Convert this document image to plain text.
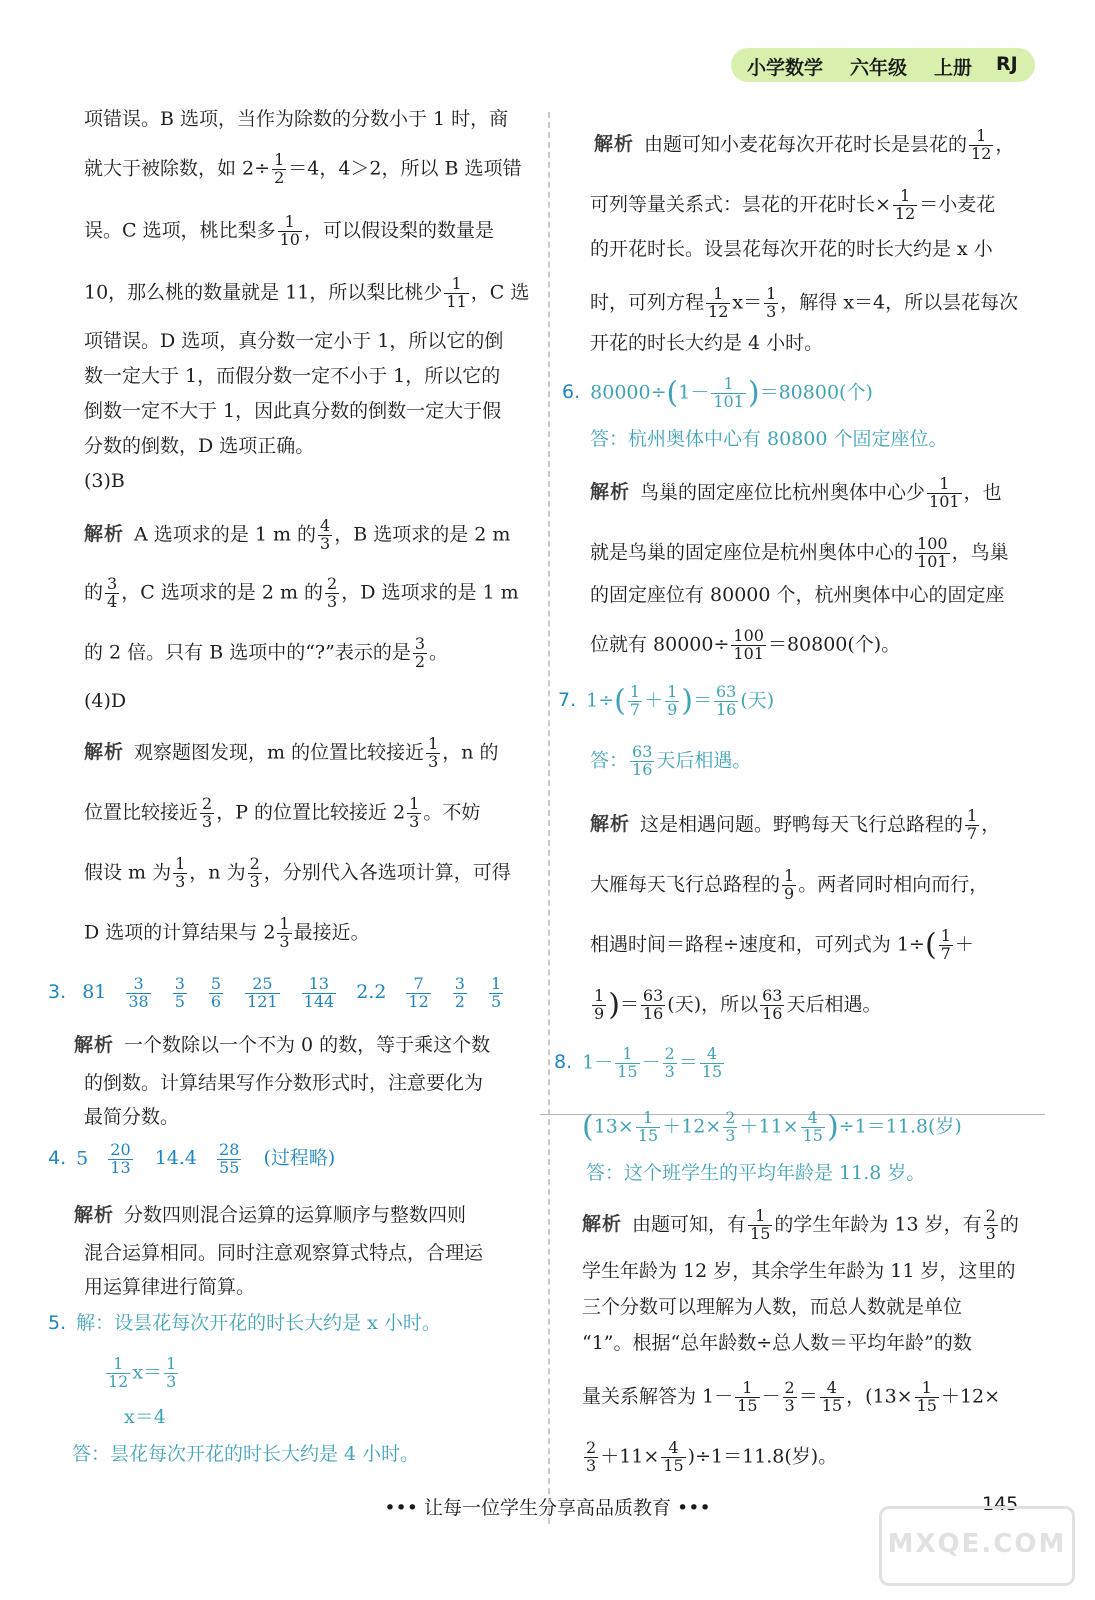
小学数学 六年级 上册 RJ

项错误。B 选项，当作为除数的分数小于 1 时，商

就大于被除数，如 $2\div \frac{1}{2} =4$，4＞2，所以 B 选项错

误。C 选项，桃比梨多 $\frac{1}{10}$ ，可以假设梨的数量是

10，那么桃的数量就是 11，所以梨比桃少 $\frac{1}{11}$ ，C 选

项错误。D 选项，真分数一定小于 1，所以它的倒

数一定大于 1，而假分数一定不小于 1，所以它的

倒数一定不大于 1，因此真分数的倒数一定大于假

分数的倒数，D 选项正确。

(3)B

解析 A 选项求的是 1 m 的 $\frac{4}{3}$ ，B 选项求的是 2 m

的 $\frac{3}{4}$ ，C 选项求的是 2 m 的 $\frac{2}{3}$ ，D 选项求的是 1 m

的 2 倍。只有 B 选项中的“?”表示的是 $\frac{3}{2}$ 。

(4)D

解析 观察题图发现，m 的位置比较接近 $\frac{1}{3}$ ，n 的

位置比较接近 $\frac{2}{3}$ ，P 的位置比较接近 $2 \frac{1}{3}$ 。不妨

假设 m 为 $\frac{1}{3}$ ，n 为 $\frac{2}{3}$ ，分别代入各选项计算，可得

D 选项的计算结果与 $2 \frac{1}{3}$ 最接近。

3. $81 \frac{3}{38} \frac{3}{5} \frac{5}{6} \frac{25}{121} \frac{13}{144} 2.2 \frac{7}{12} \frac{3}{2} \frac{1}{5}$

解析 一个数除以一个不为 0 的数，等于乘这个数

的倒数。计算结果写作分数形式时，注意要化为

最简分数。

4. $5 \frac{20}{13} 14.4 \frac{28}{55}$ (过程略)

解析 分数四则混合运算的运算顺序与整数四则

混合运算相同。同时注意观察算式特点，合理运

用运算律进行简算。

5. 解：设昙花每次开花的时长大约是 x 小时。

$\frac{1}{12} x= \frac{1}{3}$

x＝4

答：昙花每次开花的时长大约是 4 小时。

解析 由题可知小麦花每次开花时长是昙花的 $\frac{1}{12}$ ，

可列等量关系式：昙花的开花时长× $\frac{1}{12}$ ＝小麦花

的开花时长。设昙花每次开花的时长大约是 x 小

时，可列方程 $\frac{1}{12} x= \frac{1}{3}$ ，解得 x＝4，所以昙花每次

开花的时长大约是 4 小时。

6. $80000\div(1- \frac{1}{101} )=80800$(个)

答：杭州奥体中心有 80800 个固定座位。

解析 鸟巢的固定座位比杭州奥体中心少 $\frac{1}{101}$ ，也

就是鸟巢的固定座位是杭州奥体中心的 $\frac{100}{101}$ ，鸟巢

的固定座位有 80000 个，杭州奥体中心的固定座

位就有 $80000\div \frac{100}{101} =80800$(个)。

7. $1\div( \frac{1}{7} + \frac{1}{9}$ )＝ $\frac{63}{16}$ (天)

答： $\frac{63}{16}$ 天后相遇。

解析 这是相遇问题。野鸭每天飞行总路程的 $\frac{1}{7}$ ，

大雁每天飞行总路程的 $\frac{1}{9}$ 。两者同时相向而行，

相遇时间＝路程÷速度和，可列式为 $1\div( \frac{1}{7}$ ＋

$\frac{1}{9}$ )＝ $\frac{63}{16}$ (天)，所以 $\frac{63}{16}$ 天后相遇。

8. $1- \frac{1}{15} - \frac{2}{3} = \frac{4}{15}$

$(13\times \frac{1}{15} +12\times \frac{2}{3} +11\times \frac{4}{15} )\div 1=11.8$(岁)

答：这个班学生的平均年龄是 11.8 岁。

解析 由题可知，有 $\frac{1}{15}$ 的学生年龄为 13 岁，有 $\frac{2}{3}$ 的

学生年龄为 12 岁，其余学生年龄为 11 岁，这里的

三个分数可以理解为人数，而总人数就是单位

“1”。根据“总年龄数÷总人数＝平均年龄”的数

量关系解答为 $1- \frac{1}{15} - \frac{2}{3} = \frac{4}{15}$ ，($13\times \frac{1}{15} +12\times$

$\frac{2}{3} +11\times \frac{4}{15} )\div 1=11.8$(岁)。

••• 让每一位学生分享高品质教育 •••	145
MXQE.COM
